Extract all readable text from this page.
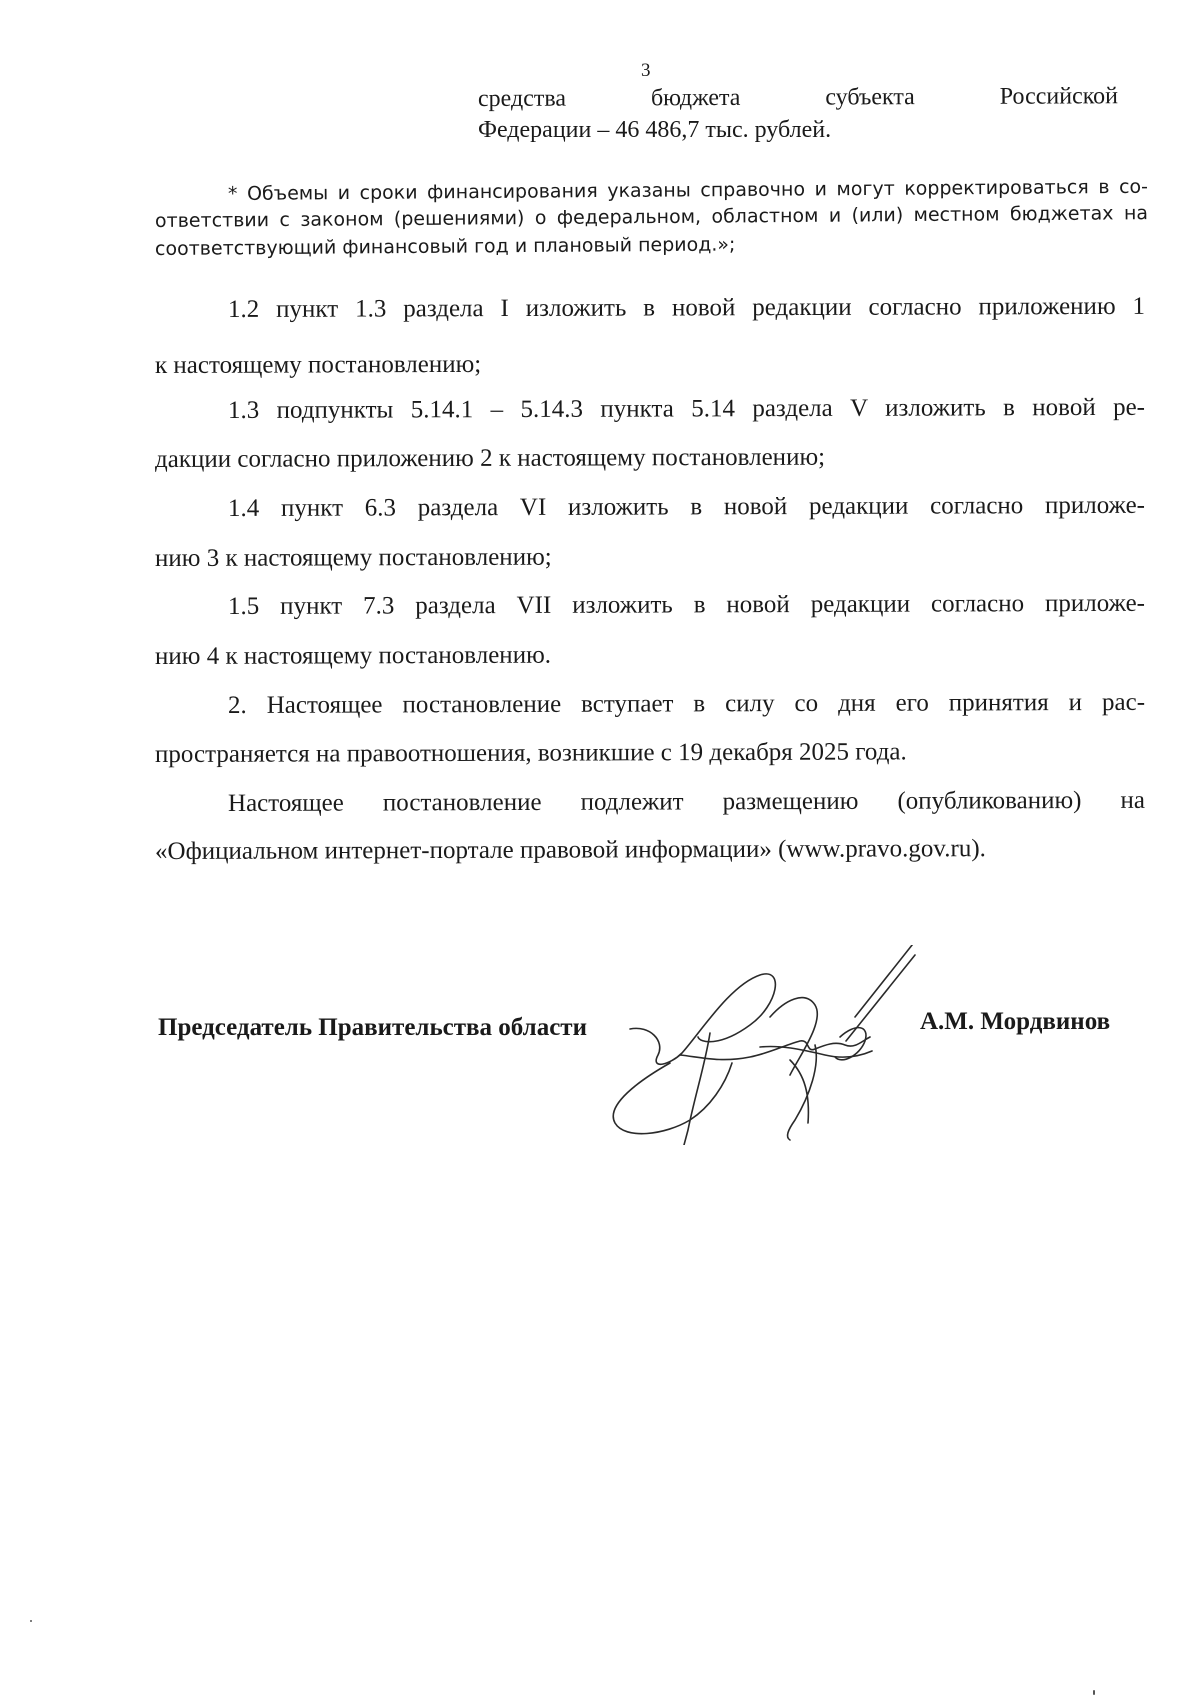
3
средства	бюджета	субъекта	Российской
Федерации – 46 486,7 тыс. рублей.
* Объемы и сроки финансирования указаны справочно и могут корректироваться в со-
ответствии с законом (решениями) о федеральном, областном и (или) местном бюджетах на
соответствующий финансовый год и плановый период.»;
1.2 пункт 1.3 раздела I изложить в новой редакции согласно приложению 1
к настоящему постановлению;
1.3 подпункты 5.14.1 – 5.14.3 пункта 5.14 раздела V изложить в новой ре-
дакции согласно приложению 2 к настоящему постановлению;
1.4 пункт 6.3 раздела VI изложить в новой редакции согласно приложе-
нию 3 к настоящему постановлению;
1.5 пункт 7.3 раздела VII изложить в новой редакции согласно приложе-
нию 4 к настоящему постановлению.
2. Настоящее постановление вступает в силу со дня его принятия и рас-
пространяется на правоотношения, возникшие с 19 декабря 2025 года.
Настоящее постановление подлежит размещению (опубликованию) на
«Официальном интернет-портале правовой информации» (www.pravo.gov.ru).
Председатель Правительства области	А.М. Мордвинов
